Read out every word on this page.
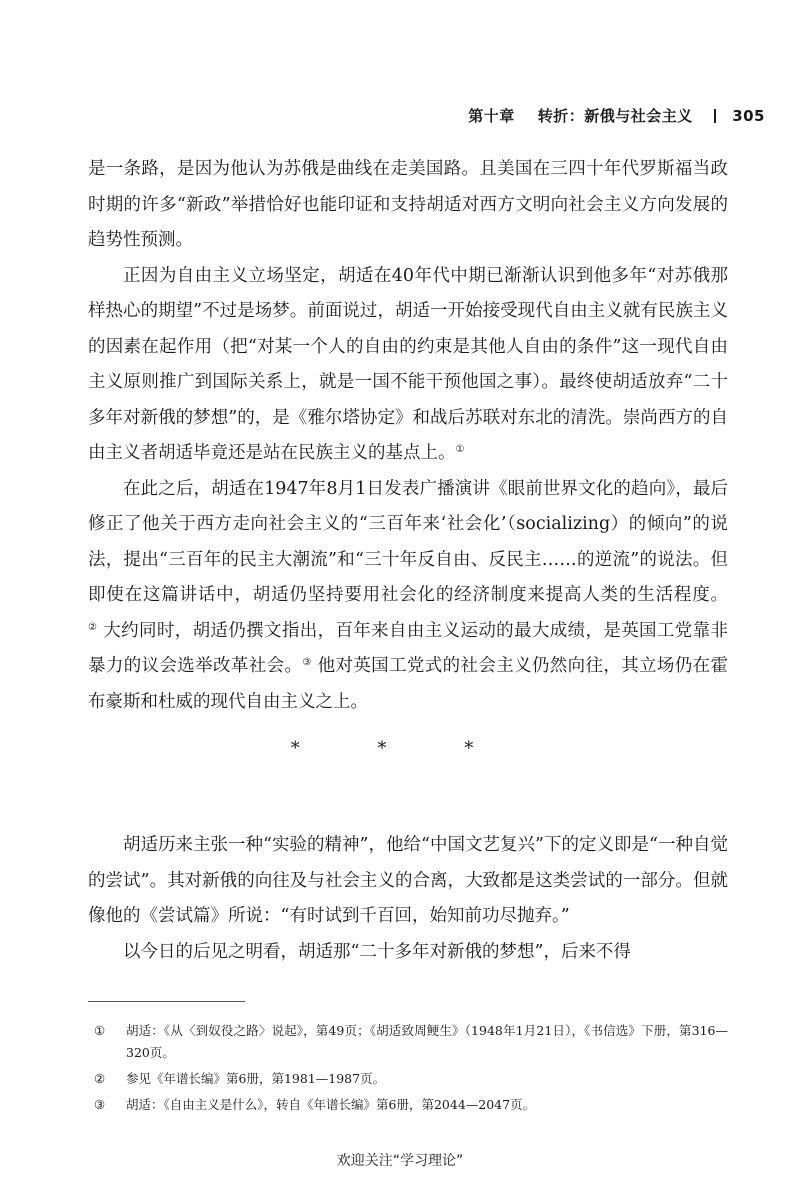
第十章 转折：新俄与社会主义	305

是一条路，是因为他认为苏俄是曲线在走美国路。且美国在三四十年代罗斯福当政时期的许多“新政”举措恰好也能印证和支持胡适对西方文明向社会主义方向发展的趋势性预测。

正因为自由主义立场坚定，胡适在40年代中期已渐渐认识到他多年“对苏俄那样热心的期望”不过是场梦。前面说过，胡适一开始接受现代自由主义就有民族主义的因素在起作用（把“对某一个人的自由的约束是其他人自由的条件”这一现代自由主义原则推广到国际关系上，就是一国不能干预他国之事）。最终使胡适放弃“二十多年对新俄的梦想”的，是《雅尔塔协定》和战后苏联对东北的清洗。崇尚西方的自由主义者胡适毕竟还是站在民族主义的基点上。①

在此之后，胡适在1947年8月1日发表广播演讲《眼前世界文化的趋向》，最后修正了他关于西方走向社会主义的“三百年来‘社会化’（socializing）的倾向”的说法，提出“三百年的民主大潮流”和“三十年反自由、反民主……的逆流”的说法。但即使在这篇讲话中，胡适仍坚持要用社会化的经济制度来提高人类的生活程度。② 大约同时，胡适仍撰文指出，百年来自由主义运动的最大成绩，是英国工党靠非暴力的议会选举改革社会。③ 他对英国工党式的社会主义仍然向往，其立场仍在霍布豪斯和杜威的现代自由主义之上。

* * *

胡适历来主张一种“实验的精神”，他给“中国文艺复兴”下的定义即是“一种自觉的尝试”。其对新俄的向往及与社会主义的合离，大致都是这类尝试的一部分。但就像他的《尝试篇》所说：“有时试到千百回，始知前功尽抛弃。”

以今日的后见之明看，胡适那“二十多年对新俄的梦想”，后来不得

①	胡适：《从〈到奴役之路〉说起》，第49页；《胡适致周鲠生》（1948年1月21日），《书信选》下册，第316—320页。
②	参见《年谱长编》第6册，第1981—1987页。
③	胡适：《自由主义是什么》，转自《年谱长编》第6册，第2044—2047页。
欢迎关注“学习理论”
